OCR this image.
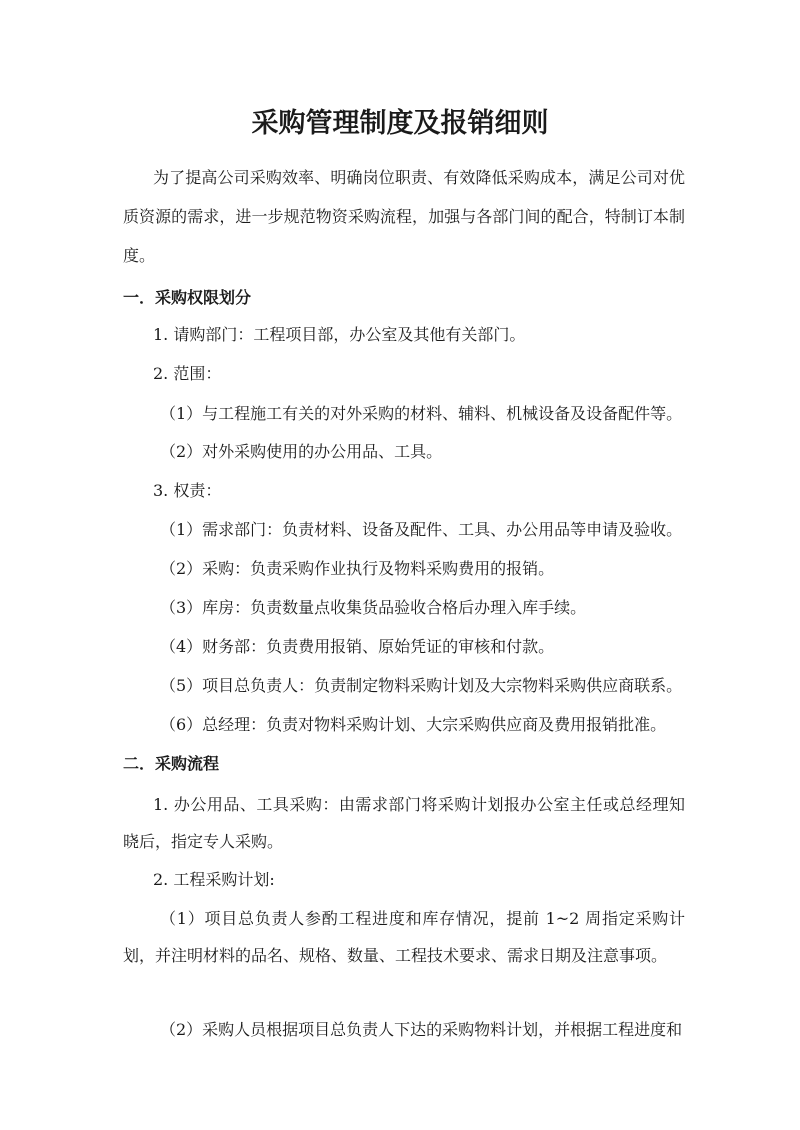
采购管理制度及报销细则

为了提高公司采购效率、明确岗位职责、有效降低采购成本，满足公司对优质资源的需求，进一步规范物资采购流程，加强与各部门间的配合，特制订本制度。

一．采购权限划分
1. 请购部门：工程项目部，办公室及其他有关部门。
2. 范围：
（1）与工程施工有关的对外采购的材料、辅料、机械设备及设备配件等。
（2）对外采购使用的办公用品、工具。
3. 权责：
（1）需求部门：负责材料、设备及配件、工具、办公用品等申请及验收。
（2）采购：负责采购作业执行及物料采购费用的报销。
（3）库房：负责数量点收集货品验收合格后办理入库手续。
（4）财务部：负责费用报销、原始凭证的审核和付款。
（5）项目总负责人：负责制定物料采购计划及大宗物料采购供应商联系。
（6）总经理：负责对物料采购计划、大宗采购供应商及费用报销批准。
二．采购流程

1. 办公用品、工具采购：由需求部门将采购计划报办公室主任或总经理知晓后，指定专人采购。

2. 工程采购计划:

（1）项目总负责人参酌工程进度和库存情况，提前 1~2 周指定采购计划，并注明材料的品名、规格、数量、工程技术要求、需求日期及注意事项。

（2）采购人员根据项目总负责人下达的采购物料计划，并根据工程进度和
